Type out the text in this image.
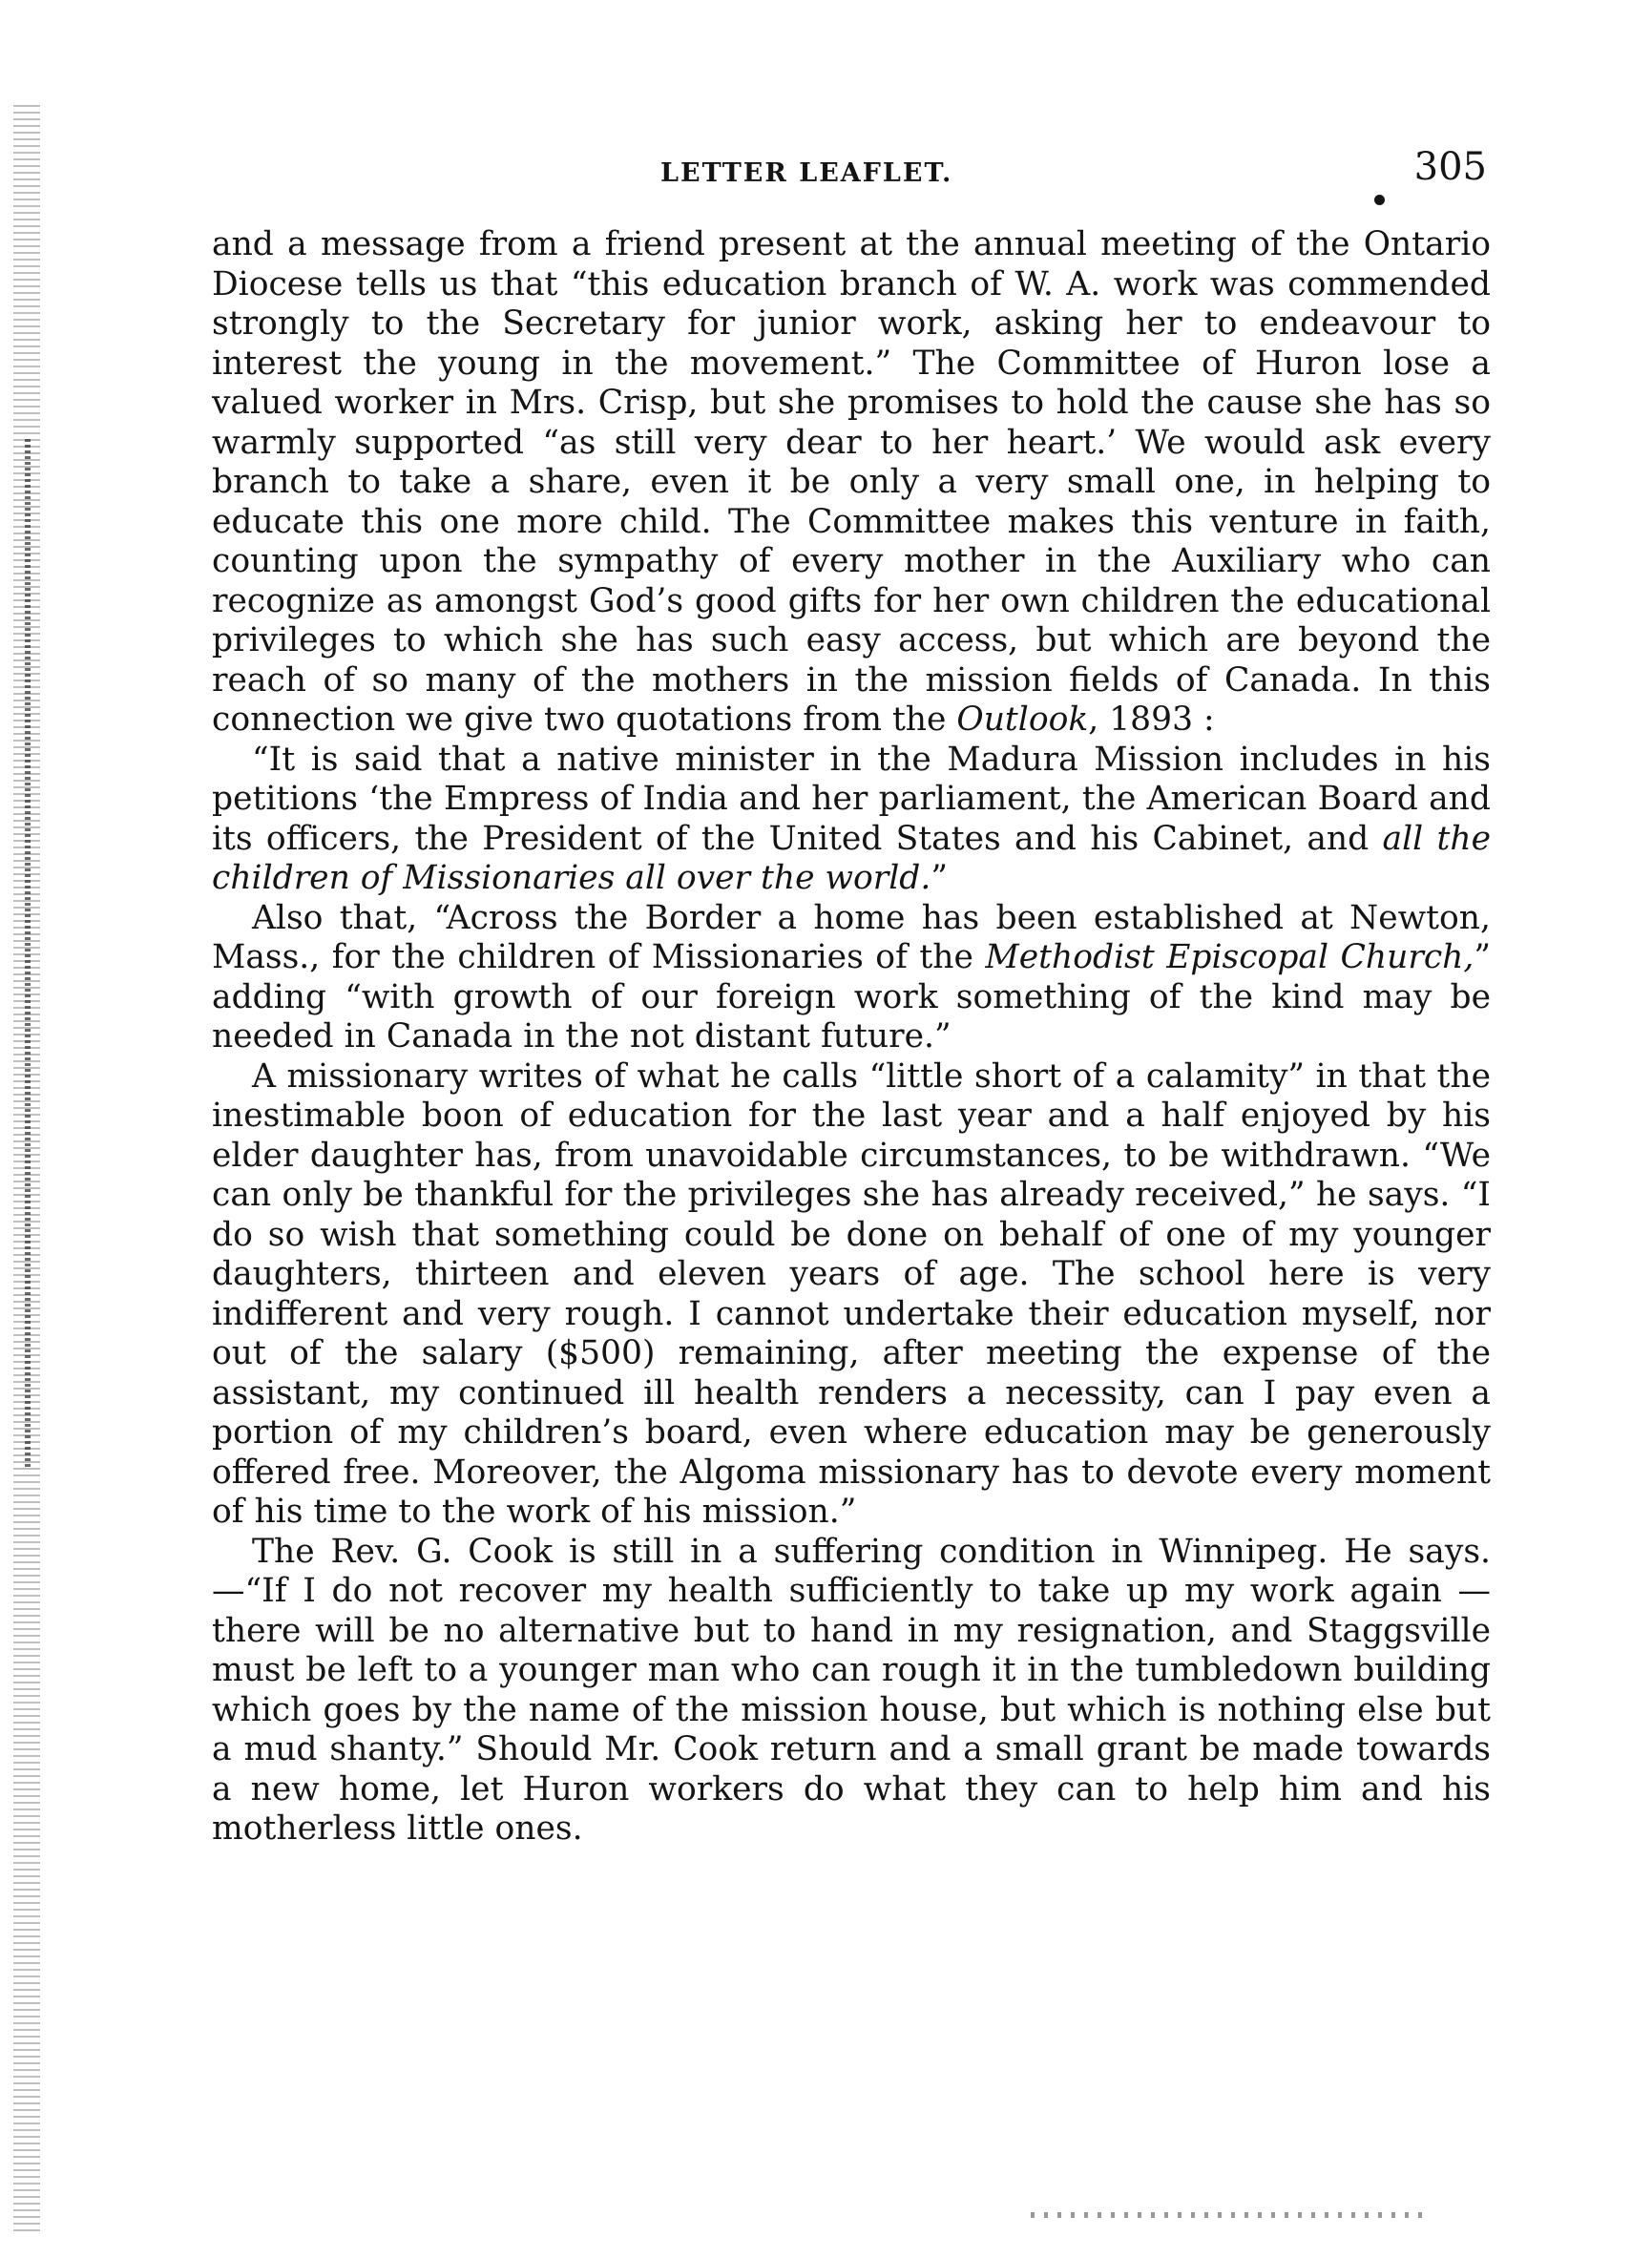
LETTER LEAFLET.	305

and a message from a friend present at the annual meeting of the Ontario Diocese tells us that “this education branch of W. A. work was commended strongly to the Secretary for junior work, asking her to endeavour to interest the young in the movement.” The Committee of Huron lose a valued worker in Mrs. Crisp, but she promises to hold the cause she has so warmly supported “as still very dear to her heart.’ We would ask every branch to take a share, even it be only a very small one, in helping to educate this one more child. The Committee makes this venture in faith, counting upon the sympathy of every mother in the Auxiliary who can recognize as amongst God’s good gifts for her own children the educational privileges to which she has such easy access, but which are beyond the reach of so many of the mothers in the mission fields of Canada. In this connection we give two quotations from the Outlook, 1893 :

“It is said that a native minister in the Madura Mission includes in his petitions ‘the Empress of India and her parliament, the American Board and its officers, the President of the United States and his Cabinet, and all the children of Missionaries all over the world.”

Also that, “Across the Border a home has been established at Newton, Mass., for the children of Missionaries of the Methodist Episcopal Church,” adding “with growth of our foreign work something of the kind may be needed in Canada in the not distant future.”

A missionary writes of what he calls “little short of a calamity” in that the inestimable boon of education for the last year and a half enjoyed by his elder daughter has, from unavoidable circumstances, to be withdrawn. “We can only be thankful for the privileges she has already received,” he says. “I do so wish that something could be done on behalf of one of my younger daughters, thirteen and eleven years of age. The school here is very indifferent and very rough. I cannot undertake their education myself, nor out of the salary ($500) remaining, after meeting the expense of the assistant, my continued ill health renders a necessity, can I pay even a portion of my children’s board, even where education may be generously offered free. Moreover, the Algoma missionary has to devote every moment of his time to the work of his mission.”

The Rev. G. Cook is still in a suffering condition in Winnipeg. He says.—“If I do not recover my health sufficiently to take up my work again — there will be no alternative but to hand in my resignation, and Staggsville must be left to a younger man who can rough it in the tumbledown building which goes by the name of the mission house, but which is nothing else but a mud shanty.” Should Mr. Cook return and a small grant be made towards a new home, let Huron workers do what they can to help him and his motherless little ones.
